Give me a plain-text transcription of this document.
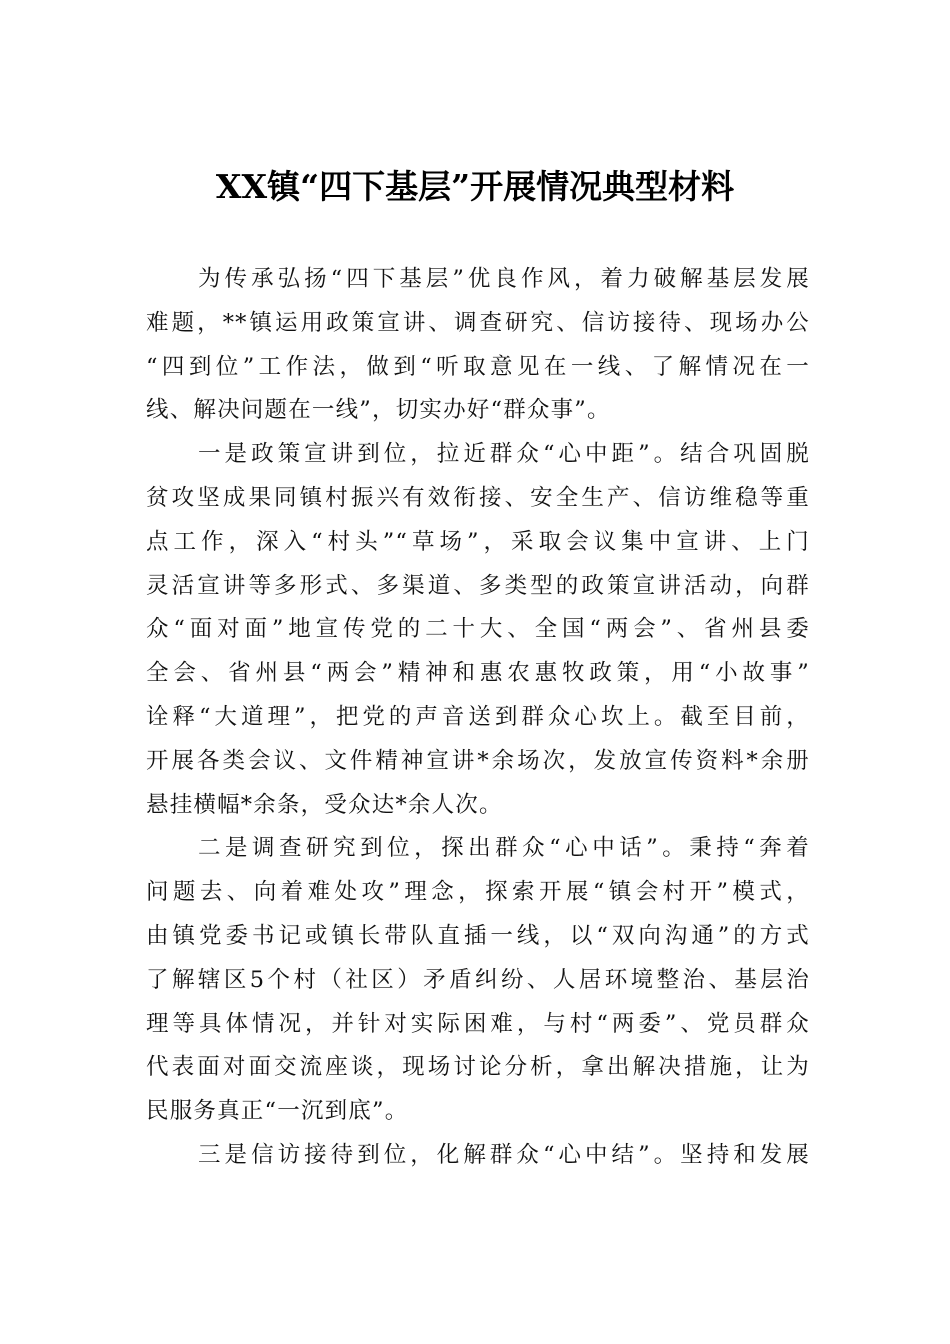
XX镇“四下基层”开展情况典型材料

为传承弘扬“四下基层”优良作风，着力破解基层发展
难题，**镇运用政策宣讲、调查研究、信访接待、现场办公
“四到位”工作法，做到“听取意见在一线、了解情况在一
线、解决问题在一线”，切实办好“群众事”。

一是政策宣讲到位，拉近群众“心中距”。结合巩固脱
贫攻坚成果同镇村振兴有效衔接、安全生产、信访维稳等重
点工作，深入“村头”“草场”，采取会议集中宣讲、上门
灵活宣讲等多形式、多渠道、多类型的政策宣讲活动，向群
众“面对面”地宣传党的二十大、全国“两会”、省州县委
全会、省州县“两会”精神和惠农惠牧政策，用“小故事”
诠释“大道理”，把党的声音送到群众心坎上。截至目前，
开展各类会议、文件精神宣讲*余场次，发放宣传资料*余册
悬挂横幅*余条，受众达*余人次。

二是调查研究到位，探出群众“心中话”。秉持“奔着
问题去、向着难处攻”理念，探索开展“镇会村开”模式，
由镇党委书记或镇长带队直插一线，以“双向沟通”的方式
了解辖区5个村（社区）矛盾纠纷、人居环境整治、基层治
理等具体情况，并针对实际困难，与村“两委”、党员群众
代表面对面交流座谈，现场讨论分析，拿出解决措施，让为
民服务真正“一沉到底”。

三是信访接待到位，化解群众“心中结”。坚持和发展
